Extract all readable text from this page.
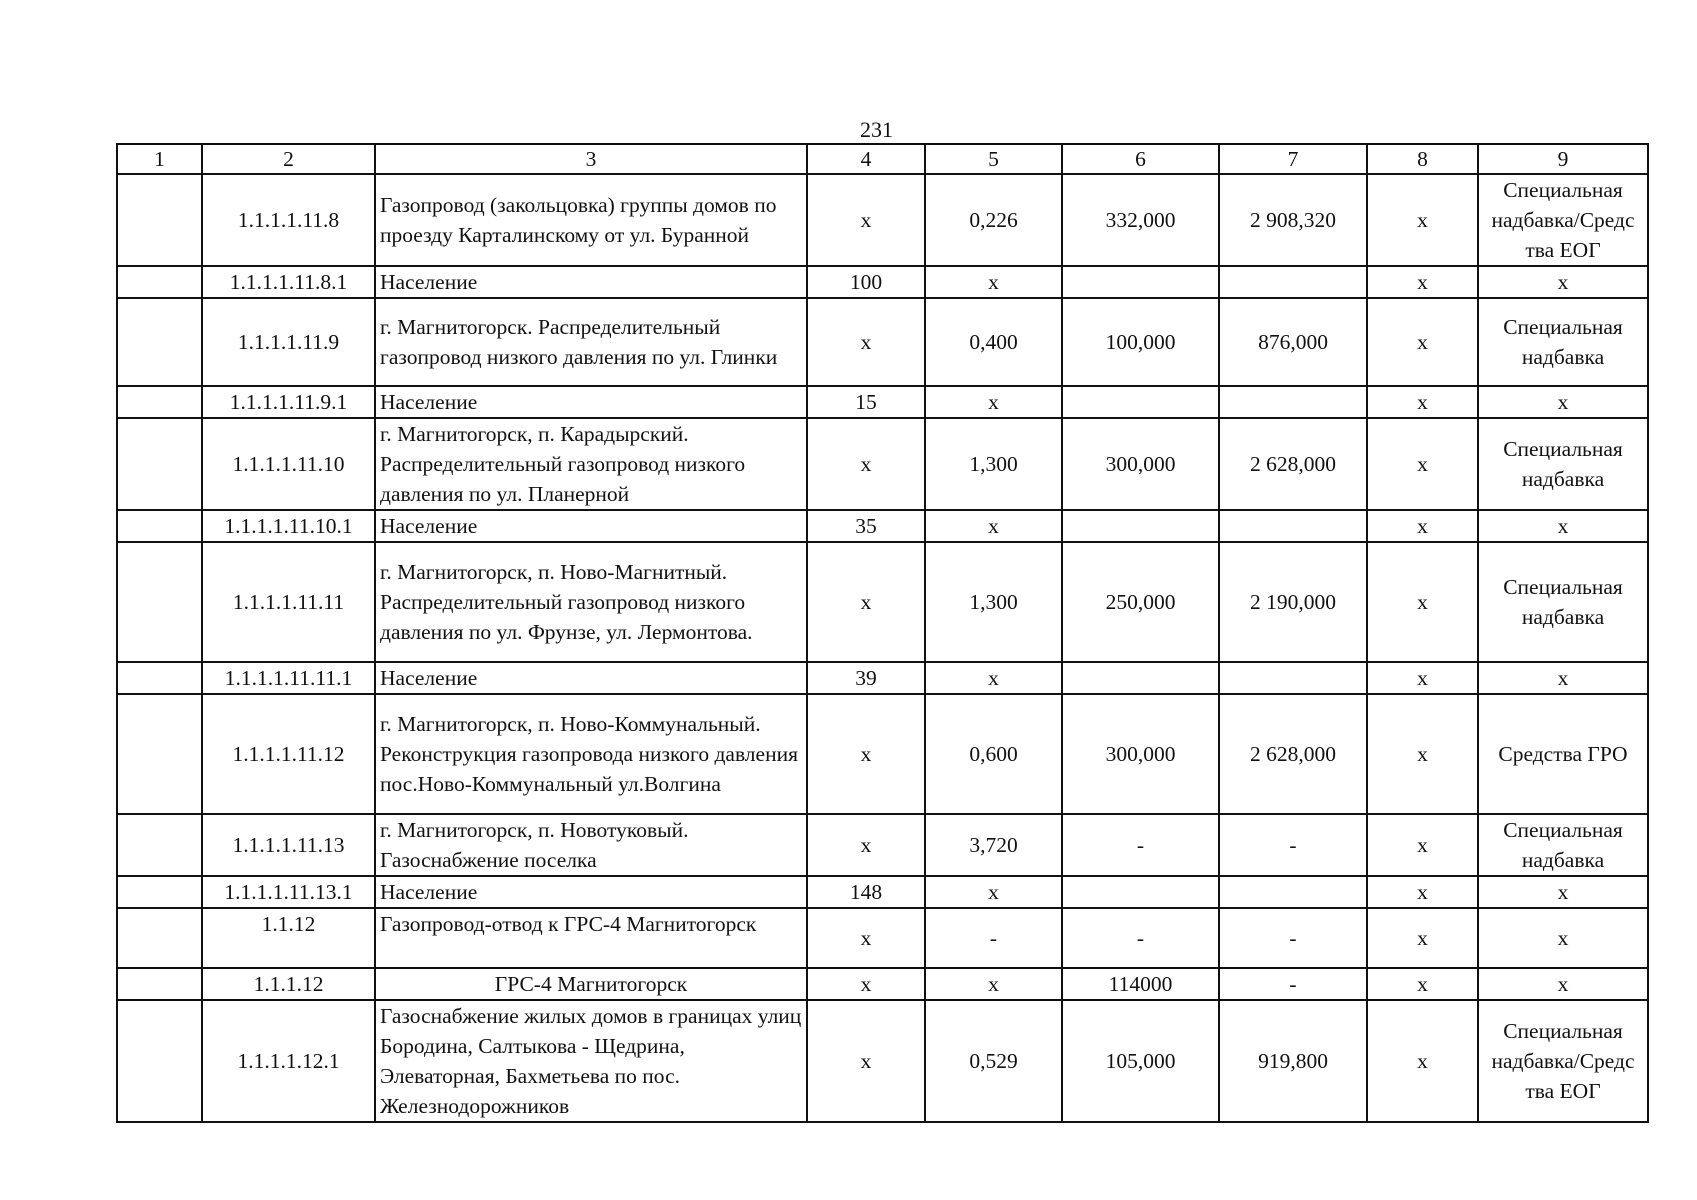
231
1	2	3	4	5	6	7	8	9
	1.1.1.1.11.8	Газопровод (закольцовка) группы домов по проезду Карталинскому от ул. Буранной	х	0,226	332,000	2 908,320	х	Специальная надбавка/Средс тва ЕОГ
	1.1.1.1.11.8.1	Население	100	х			х	х
	1.1.1.1.11.9	г. Магнитогорск. Распределительный газопровод низкого давления по ул. Глинки	х	0,400	100,000	876,000	х	Специальная надбавка
	1.1.1.1.11.9.1	Население	15	х			х	х
	1.1.1.1.11.10	г. Магнитогорск, п. Карадырский. Распределительный газопровод низкого давления по ул. Планерной	х	1,300	300,000	2 628,000	х	Специальная надбавка
	1.1.1.1.11.10.1	Население	35	х			х	х
	1.1.1.1.11.11	г. Магнитогорск, п. Ново-Магнитный. Распределительный газопровод низкого давления по ул. Фрунзе, ул. Лермонтова.	х	1,300	250,000	2 190,000	х	Специальная надбавка
	1.1.1.1.11.11.1	Население	39	х			х	х
	1.1.1.1.11.12	г. Магнитогорск, п. Ново-Коммунальный. Реконструкция газопровода низкого давления пос.Ново-Коммунальный ул.Волгина	х	0,600	300,000	2 628,000	х	Средства ГРО
	1.1.1.1.11.13	г. Магнитогорск, п. Новотуковый. Газоснабжение поселка	х	3,720	-	-	х	Специальная надбавка
	1.1.1.1.11.13.1	Население	148	х			х	х
	1.1.12	Газопровод-отвод к ГРС-4 Магнитогорск	х	-	-	-	х	х
	1.1.1.12	ГРС-4 Магнитогорск	х	х	114000	-	х	х
	1.1.1.1.12.1	Газоснабжение жилых домов в границах улиц Бородина, Салтыкова - Щедрина, Элеваторная, Бахметьева по пос. Железнодорожников	х	0,529	105,000	919,800	х	Специальная надбавка/Средс тва ЕОГ
